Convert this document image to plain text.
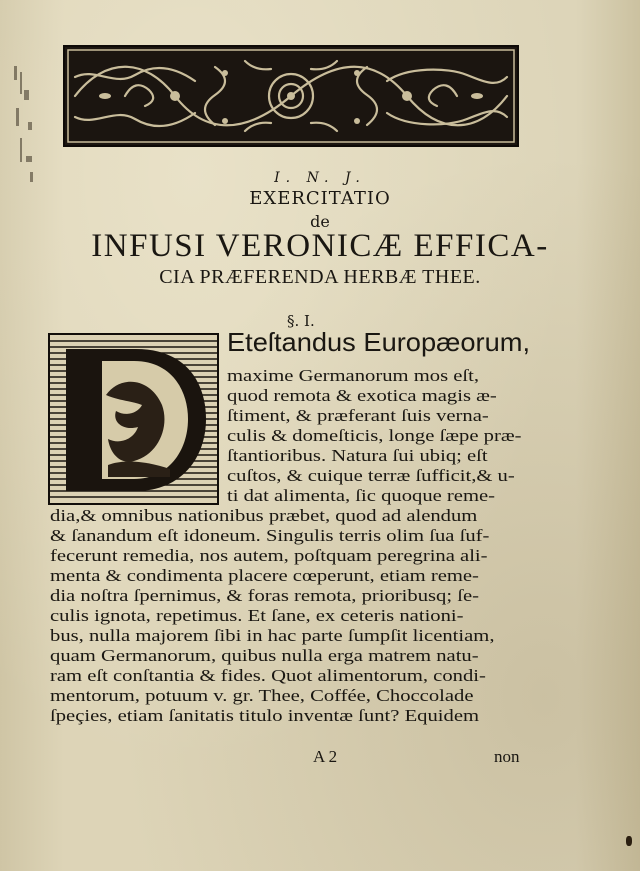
I. N. J.
EXERCITATIO
de
INFUSI VERONICÆ EFFICA-
CIA PRÆFERENDA HERBÆ THEE.
§. I.
Eteſtandus Europæorum,
maxime Germanorum mos eſt,
quod remota & exotica magis æ-
ſtiment, & præferant ſuis verna-
culis & domeſticis, longe ſæpe præ-
ſtantioribus. Natura ſui ubiq; eſt
cuſtos, & cuique terræ ſufficit,& u-
ti dat alimenta, ſic quoque reme-
dia,& omnibus nationibus præbet, quod ad alendum
& ſanandum eſt idoneum. Singulis terris olim ſua ſuf-
fecerunt remedia, nos autem, poſtquam peregrina ali-
menta & condimenta placere cœperunt, etiam reme-
dia noſtra ſpernimus, & foras remota, prioribusq; ſe-
culis ignota, repetimus. Et ſane, ex ceteris nationi-
bus, nulla majorem ſibi in hac parte ſumpſit licentiam,
quam Germanorum, quibus nulla erga matrem natu-
ram eſt conſtantia & fides. Quot alimentorum, condi-
mentorum, potuum v. gr. Thee, Coffée, Choccolade
ſpeçies, etiam ſanitatis titulo inventæ ſunt? Equidem
A 2	non
